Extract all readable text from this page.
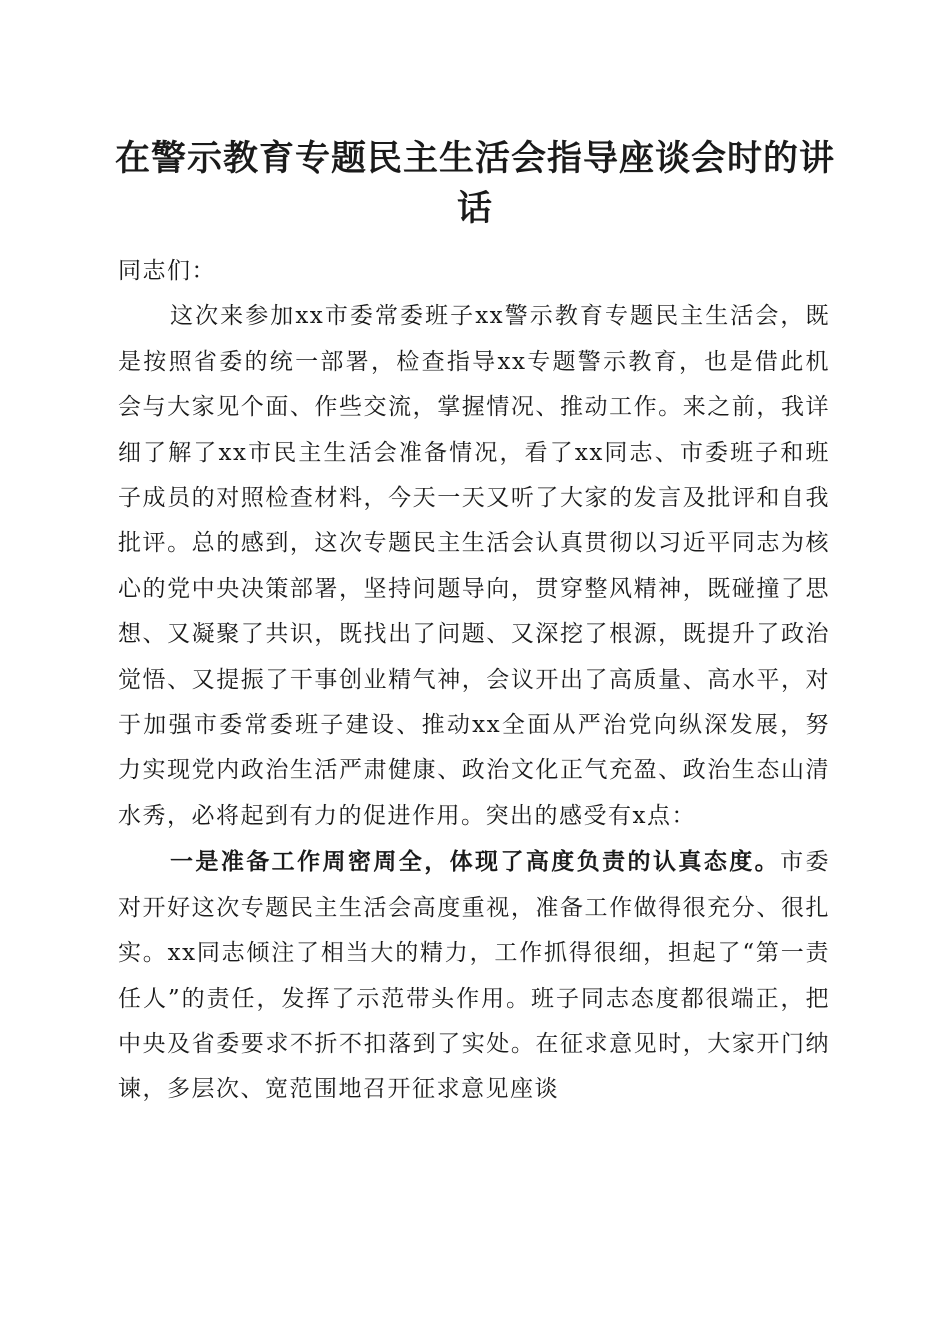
在警示教育专题民主生活会指导座谈会时的讲话

同志们：

这次来参加xx市委常委班子xx警示教育专题民主生活会，既是按照省委的统一部署，检查指导xx专题警示教育，也是借此机会与大家见个面、作些交流，掌握情况、推动工作。来之前，我详细了解了xx市民主生活会准备情况，看了xx同志、市委班子和班子成员的对照检查材料，今天一天又听了大家的发言及批评和自我批评。总的感到，这次专题民主生活会认真贯彻以习近平同志为核心的党中央决策部署，坚持问题导向，贯穿整风精神，既碰撞了思想、又凝聚了共识，既找出了问题、又深挖了根源，既提升了政治觉悟、又提振了干事创业精气神，会议开出了高质量、高水平，对于加强市委常委班子建设、推动xx全面从严治党向纵深发展，努力实现党内政治生活严肃健康、政治文化正气充盈、政治生态山清水秀，必将起到有力的促进作用。突出的感受有x点：

一是准备工作周密周全，体现了高度负责的认真态度。市委对开好这次专题民主生活会高度重视，准备工作做得很充分、很扎实。xx同志倾注了相当大的精力，工作抓得很细，担起了“第一责任人”的责任，发挥了示范带头作用。班子同志态度都很端正，把中央及省委要求不折不扣落到了实处。在征求意见时，大家开门纳谏，多层次、宽范围地召开征求意见座谈
